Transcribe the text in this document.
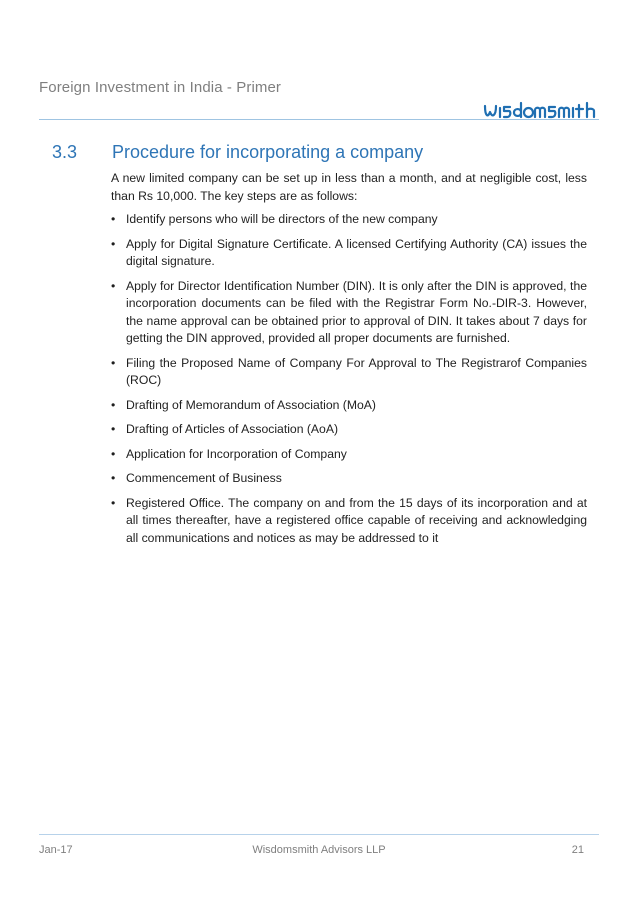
Foreign Investment in India - Primer
3.3 Procedure for incorporating a company

A new limited company can be set up in less than a month, and at negligible cost, less than Rs 10,000. The key steps are as follows:

• Identify persons who will be directors of the new company
• Apply for Digital Signature Certificate. A licensed Certifying Authority (CA) issues the digital signature.
• Apply for Director Identification Number (DIN). It is only after the DIN is approved, the incorporation documents can be filed with the Registrar Form No.-DIR-3. However, the name approval can be obtained prior to approval of DIN. It takes about 7 days for getting the DIN approved, provided all proper documents are furnished.
• Filing the Proposed Name of Company For Approval to The Registrarof Companies (ROC)
• Drafting of Memorandum of Association (MoA)
• Drafting of Articles of Association (AoA)
• Application for Incorporation of Company
• Commencement of Business
• Registered Office. The company on and from the 15 days of its incorporation and at all times thereafter, have a registered office capable of receiving and acknowledging all communications and notices as may be addressed to it
Jan-17	Wisdomsmith Advisors LLP	21
